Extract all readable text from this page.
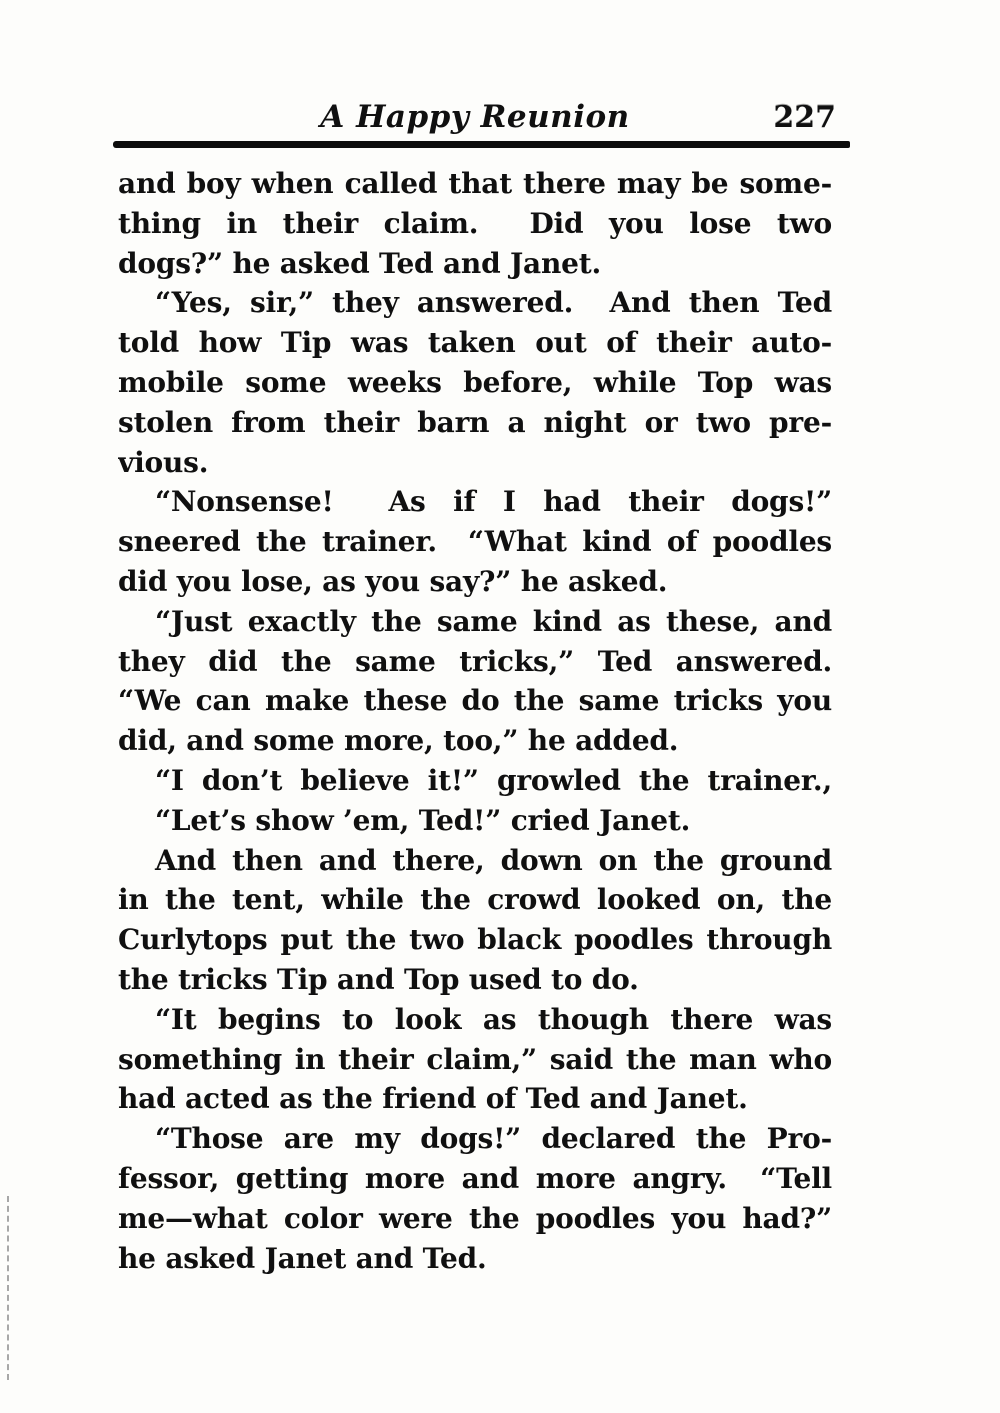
A Happy Reunion	227
and boy when called that there may be some-
thing in their claim.  Did you lose two
dogs?” he asked Ted and Janet.
“Yes, sir,” they answered.  And then Ted
told how Tip was taken out of their auto-
mobile some weeks before, while Top was
stolen from their barn a night or two pre-
vious.
“Nonsense!  As if I had their dogs!”
sneered the trainer.  “What kind of poodles
did you lose, as you say?” he asked.
“Just exactly the same kind as these, and
they did the same tricks,” Ted answered.
“We can make these do the same tricks you
did, and some more, too,” he added.
“I don’t believe it!” growled the trainer.,
“Let’s show ’em, Ted!” cried Janet.
And then and there, down on the ground
in the tent, while the crowd looked on, the
Curlytops put the two black poodles through
the tricks Tip and Top used to do.
“It begins to look as though there was
something in their claim,” said the man who
had acted as the friend of Ted and Janet.
“Those are my dogs!” declared the Pro-
fessor, getting more and more angry.  “Tell
me—what color were the poodles you had?”
he asked Janet and Ted.
